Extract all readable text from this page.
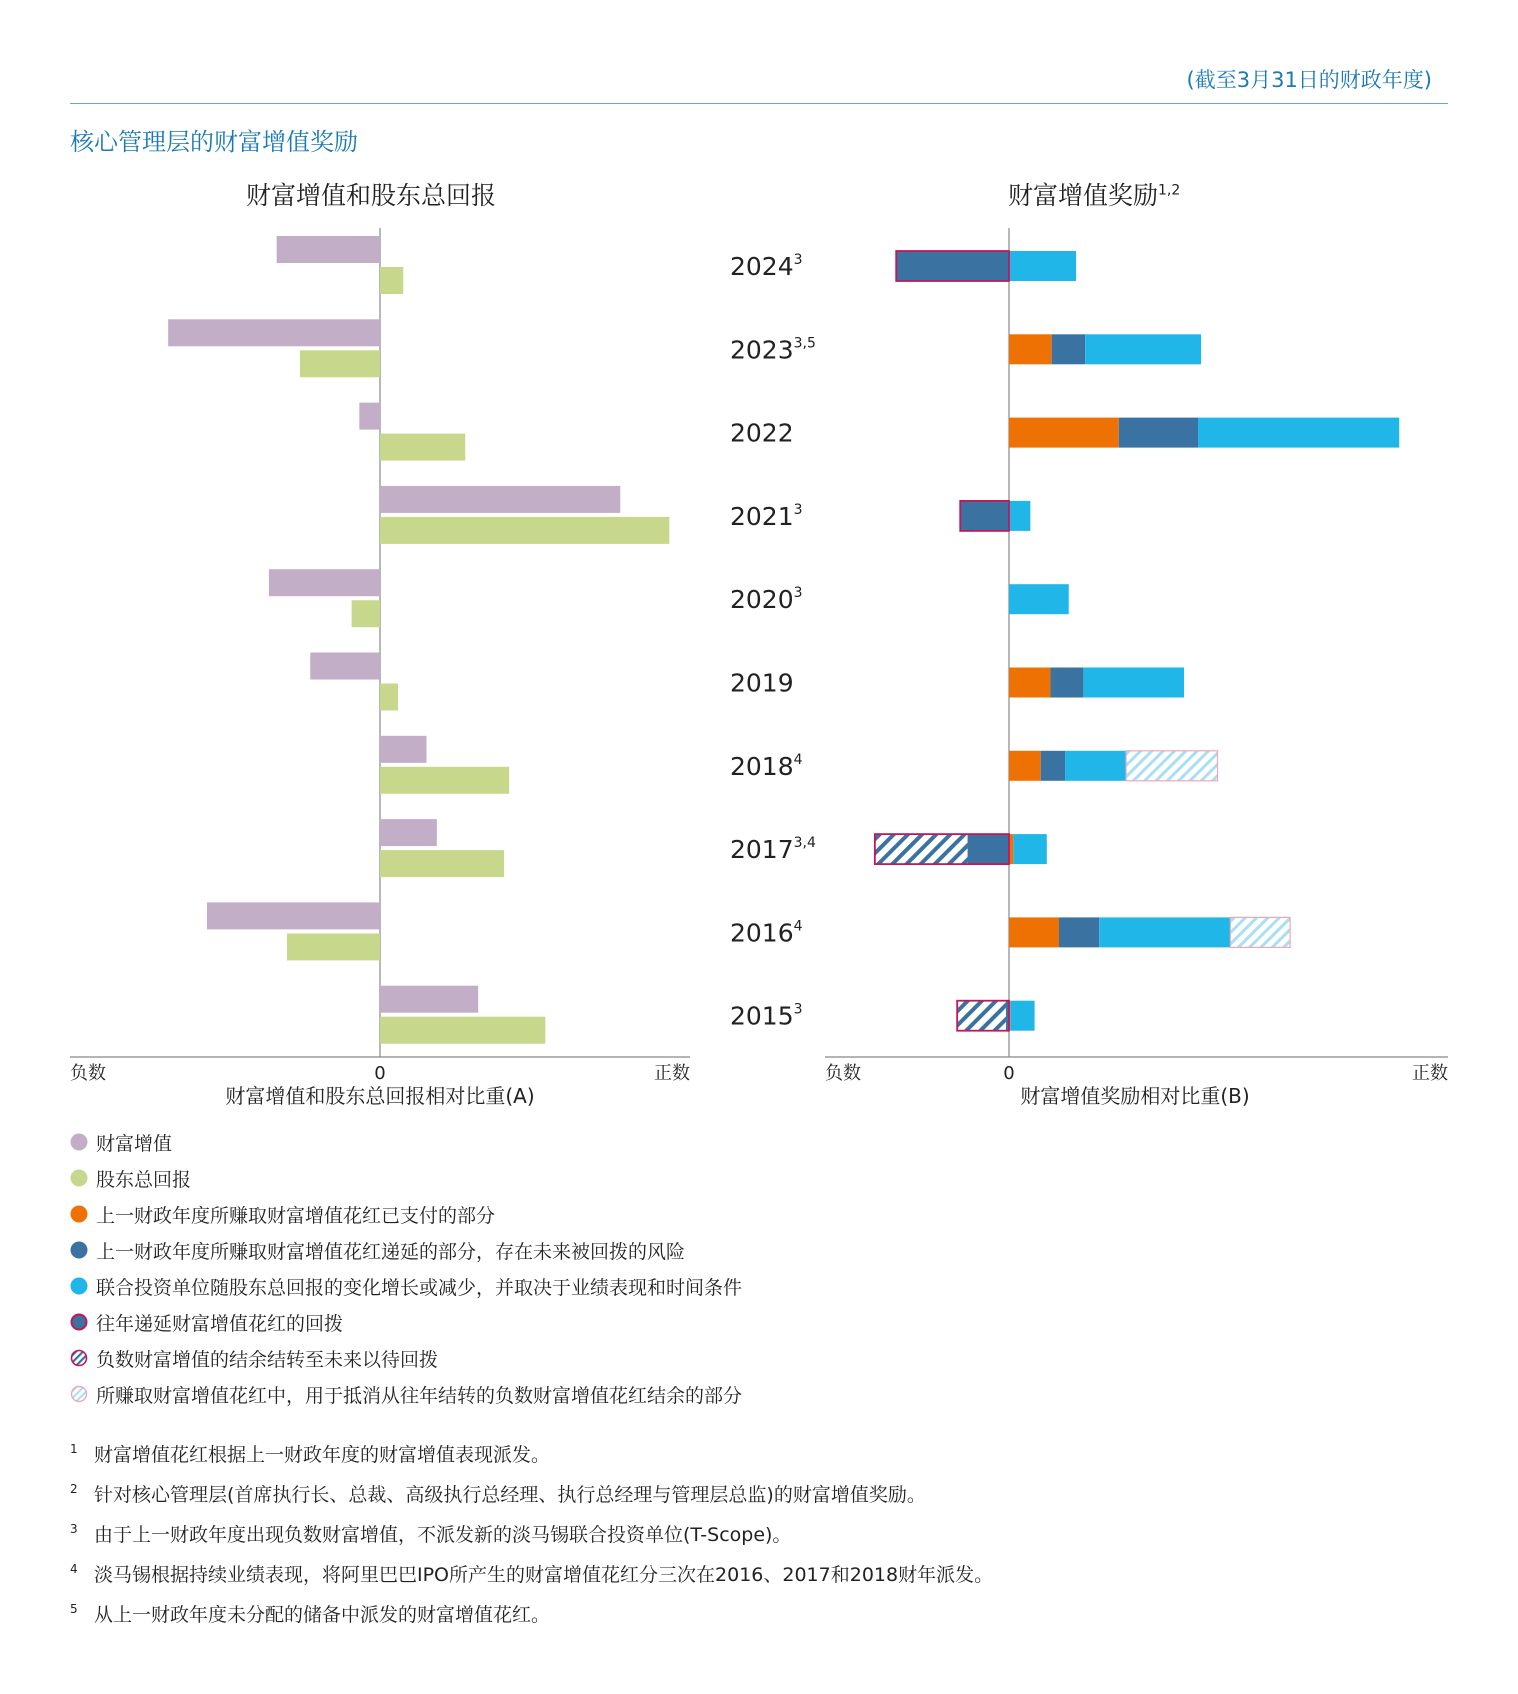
(截至3月31日的财政年度)
核心管理层的财富增值奖励
财富增值和股东总回报	财富增值奖励$^{1,2}$
负数	0	正数
财富增值和股东总回报相对比重(A)
2024$^3$
2023$^{3,5}$
2022
2021$^3$
2020$^3$
2019
2018$^4$
2017$^{3,4}$
2016$^4$
2015$^3$
负数	0	正数
财富增值奖励相对比重(B)
财富增值
股东总回报
上一财政年度所赚取财富增值花红已支付的部分
上一财政年度所赚取财富增值花红递延的部分，存在未来被回拨的风险
联合投资单位随股东总回报的变化增长或减少，并取决于业绩表现和时间条件
往年递延财富增值花红的回拨
负数财富增值的结余结转至未来以待回拨
所赚取财富增值花红中，用于抵消从往年结转的负数财富增值花红结余的部分
1 财富增值花红根据上一财政年度的财富增值表现派发。
2 针对核心管理层(首席执行长、总裁、高级执行总经理、执行总经理与管理层总监)的财富增值奖励。
3 由于上一财政年度出现负数财富增值，不派发新的淡马锡联合投资单位(T-Scope)。
4 淡马锡根据持续业绩表现，将阿里巴巴IPO所产生的财富增值花红分三次在2016、2017和2018财年派发。
5 从上一财政年度未分配的储备中派发的财富增值花红。
